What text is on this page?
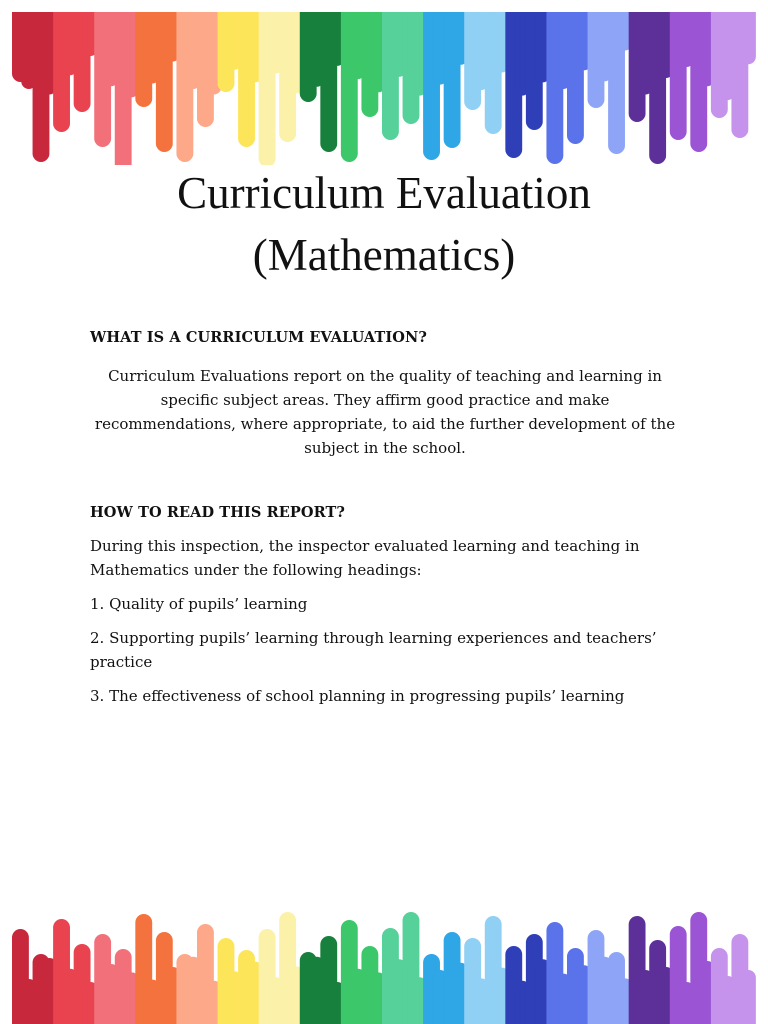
Curriculum Evaluation
(Mathematics)

WHAT IS A CURRICULUM EVALUATION?

Curriculum Evaluations report on the quality of teaching and learning in specific subject areas. They affirm good practice and make recommendations, where appropriate, to aid the further development of the subject in the school.

HOW TO READ THIS REPORT?

During this inspection, the inspector evaluated learning and teaching in Mathematics under the following headings:

1. Quality of pupils’ learning

2. Supporting pupils’ learning through learning experiences and teachers’ practice

3. The effectiveness of school planning in progressing pupils’ learning
